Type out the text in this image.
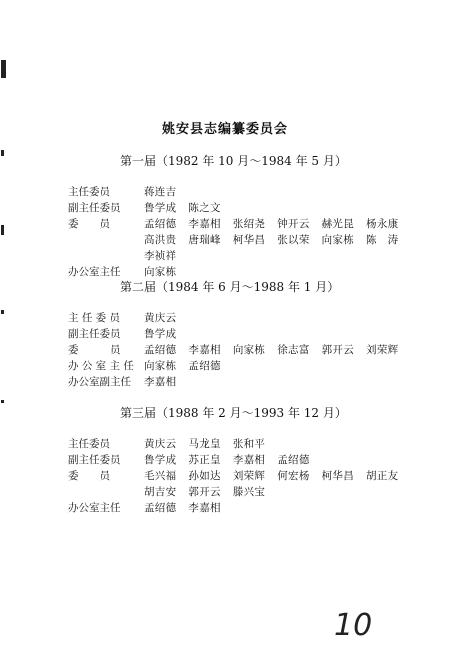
姚安县志编纂委员会
第一届（1982 年 10 月～1984 年 5 月）
主任委员	蒋连吉
副主任委员 鲁学成 陈之文
委　　员	孟绍德 李嘉相 张绍尧 钟开云 赫光昆 杨永康
高洪贵 唐瑞峰 柯华昌 张以荣 向家栋 陈　涛
李祯祥
办公室主任 向家栋
第二届（1984 年 6 月～1988 年 1 月）
主 任 委 员 黄庆云
副主任委员 鲁学成
委　　　员 孟绍德 李嘉相 向家栋 徐志富 郭开云 刘荣辉
办 公 室 主 任 向家栋 孟绍德
办公室副主任 李嘉相
第三届（1988 年 2 月～1993 年 12 月）
主任委员	黄庆云 马龙皇 张和平
副主任委员 鲁学成 苏正皇 李嘉相 孟绍德
委　　员	毛兴福 孙如达 刘荣辉 何宏杨 柯华昌 胡正友
胡吉安 郭开云 滕兴宝
办公室主任 孟绍德 李嘉相
10
